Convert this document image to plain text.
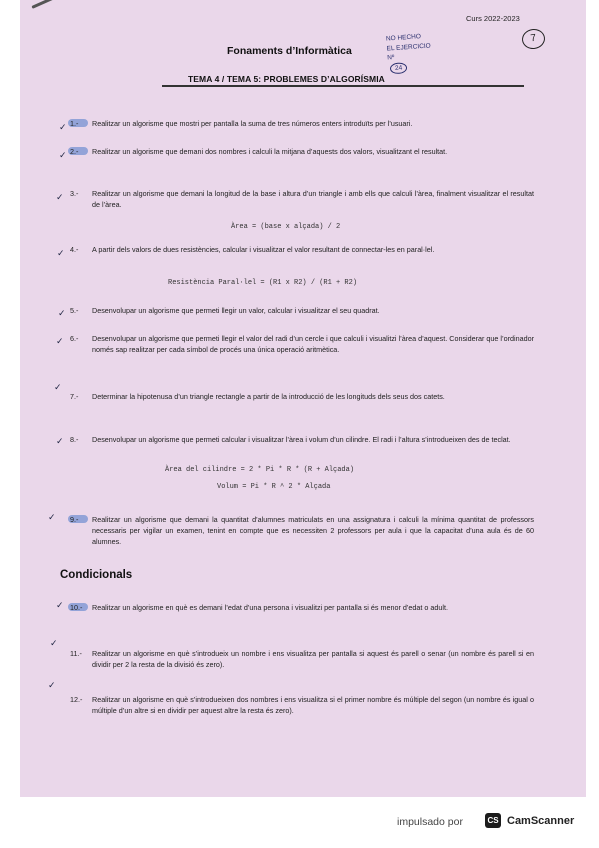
Curs 2022-2023
7
NO HECHO
EL EJERCICIO
Nº
24
Fonaments d’Informàtica
TEMA 4 / TEMA 5: PROBLEMES D’ALGORÍSMIA
✓
✓
✓
✓
✓
✓
✓
✓
✓
✓
✓
✓
1.-	Realitzar un algorisme que mostri per pantalla la suma de tres números enters introduïts per l’usuari.
2.-	Realitzar un algorisme que demani dos nombres i calculi la mitjana d’aquests dos valors, visualitzant el resultat.
3.-	Realitzar un algorisme que demani la longitud de la base i altura d’un triangle i amb ells que calculi l’àrea, finalment visualitzar el resultat de l’àrea.
Àrea = (base x alçada) / 2
4.-	A partir dels valors de dues resistències, calcular i visualitzar el valor resultant de connectar-les en paral·lel.
Resistència Paral·lel = (R1 x R2) / (R1 + R2)
5.-	Desenvolupar un algorisme que permeti llegir un valor, calcular i visualitzar el seu quadrat.
6.-	Desenvolupar un algorisme que permeti llegir el valor del radi d’un cercle i que calculi i visualitzi l’àrea d’aquest. Considerar que l’ordinador només sap realitzar per cada símbol de procés una única operació aritmètica.
7.-	Determinar la hipotenusa d’un triangle rectangle a partir de la introducció de les longituds dels seus dos catets.
8.-	Desenvolupar un algorisme que permeti calcular i visualitzar l’àrea i volum d’un cilindre. El radi i l’altura s’introdueixen des de teclat.
Àrea del cilindre = 2 * Pi * R * (R + Alçada)
Volum = Pi * R ^ 2 * Alçada
9.-	Realitzar un algorisme que demani la quantitat d’alumnes matriculats en una assignatura i calculi la mínima quantitat de professors necessaris per vigilar un examen, tenint en compte que es necessiten 2 professors per aula i que la capacitat d’una aula és de 60 alumnes.
Condicionals
10.-	Realitzar un algorisme en què es demani l’edat d’una persona i visualitzi per pantalla si és menor d’edat o adult.
11.-	Realitzar un algorisme en què s’introdueix un nombre i ens visualitza per pantalla si aquest és parell o senar (un nombre és parell si en dividir per 2 la resta de la divisió és zero).
12.-	Realitzar un algorisme en què s’introdueixen dos nombres i ens visualitza si el primer nombre és múltiple del segon (un nombre és igual o múltiple d’un altre si en dividir per aquest altre la resta és zero).
impulsado por	CS CamScanner
